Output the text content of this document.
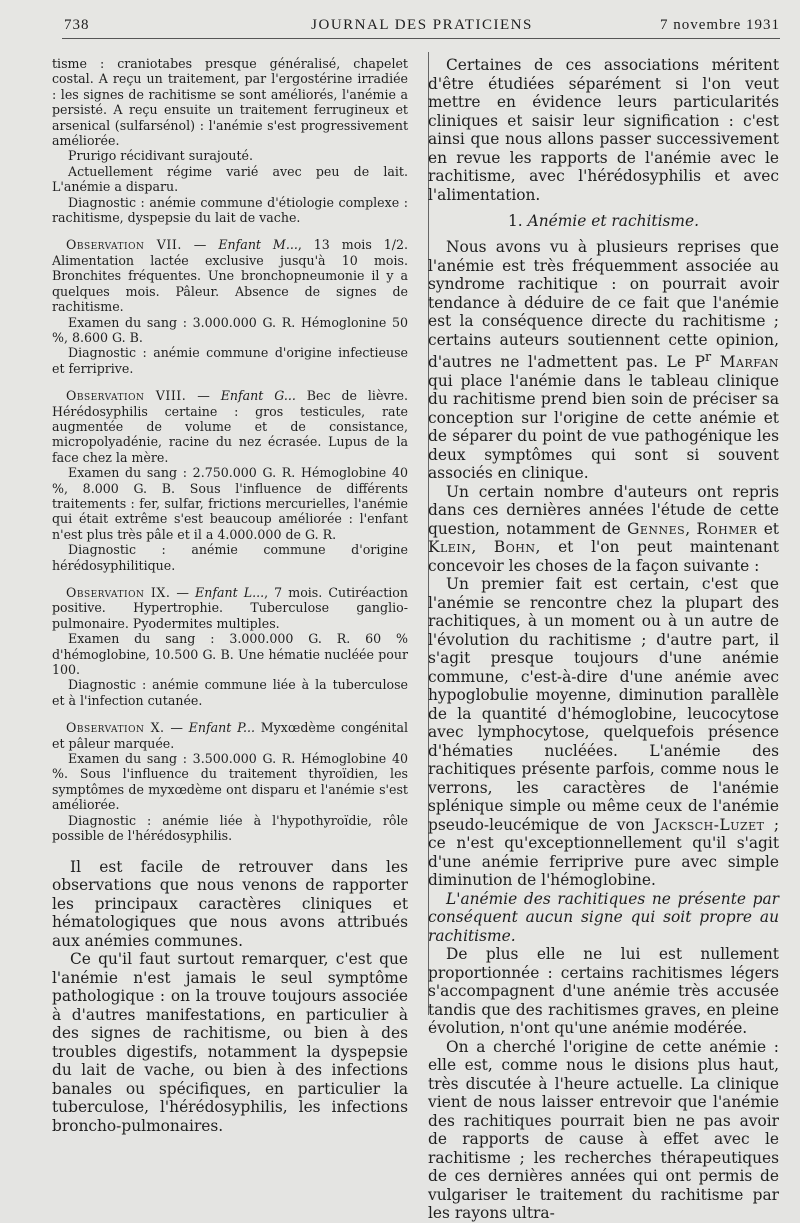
738	JOURNAL DES PRATICIENS	7 novembre 1931

tisme : craniotabes presque généralisé, chapelet costal. A reçu un traitement, par l'ergostérine irradiée : les signes de rachitisme se sont améliorés, l'anémie a persisté. A reçu ensuite un traitement ferrugineux et arsenical (sulfarsénol) : l'anémie s'est progressivement améliorée.

Prurigo récidivant surajouté.

Actuellement régime varié avec peu de lait. L'anémie a disparu.

Diagnostic : anémie commune d'étiologie complexe : rachitisme, dyspepsie du lait de vache.

Observation VII. — Enfant M..., 13 mois 1/2. Alimentation lactée exclusive jusqu'à 10 mois. Bronchites fréquentes. Une bronchopneumonie il y a quelques mois. Pâleur. Absence de signes de rachitisme.

Examen du sang : 3.000.000 G. R. Hémoglonine 50 %, 8.600 G. B.

Diagnostic : anémie commune d'origine infectieuse et ferriprive.

Observation VIII. — Enfant G... Bec de lièvre. Hérédosyphilis certaine : gros testicules, rate augmentée de volume et de consistance, micropolyadénie, racine du nez écrasée. Lupus de la face chez la mère.

Examen du sang : 2.750.000 G. R. Hémoglobine 40 %, 8.000 G. B. Sous l'influence de différents traitements : fer, sulfar, frictions mercurielles, l'anémie qui était extrême s'est beaucoup améliorée : l'enfant n'est plus très pâle et il a 4.000.000 de G. R.

Diagnostic : anémie commune d'origine hérédosyphilitique.

Observation IX. — Enfant L..., 7 mois. Cutiréaction positive. Hypertrophie. Tuberculose ganglio-pulmonaire. Pyodermites multiples.

Examen du sang : 3.000.000 G. R. 60 % d'hémoglobine, 10.500 G. B. Une hématie nucléée pour 100.

Diagnostic : anémie commune liée à la tuberculose et à l'infection cutanée.

Observation X. — Enfant P... Myxœdème congénital et pâleur marquée.

Examen du sang : 3.500.000 G. R. Hémoglobine 40 %. Sous l'influence du traitement thyroïdien, les symptômes de myxœdème ont disparu et l'anémie s'est améliorée.

Diagnostic : anémie liée à l'hypothyroïdie, rôle possible de l'hérédosyphilis.

Il est facile de retrouver dans les observations que nous venons de rapporter les principaux caractères cliniques et hématologiques que nous avons attribués aux anémies communes.

Ce qu'il faut surtout remarquer, c'est que l'anémie n'est jamais le seul symptôme pathologique : on la trouve toujours associée à d'autres manifestations, en particulier à des signes de rachitisme, ou bien à des troubles digestifs, notamment la dyspepsie du lait de vache, ou bien à des infections banales ou spécifiques, en particulier la tuberculose, l'hérédosyphilis, les infections broncho-pulmonaires.

Certaines de ces associations méritent d'être étudiées séparément si l'on veut mettre en évidence leurs particularités cliniques et saisir leur signification : c'est ainsi que nous allons passer successivement en revue les rapports de l'anémie avec le rachitisme, avec l'hérédosyphilis et avec l'alimentation.

1. Anémie et rachitisme.

Nous avons vu à plusieurs reprises que l'anémie est très fréquemment associée au syndrome rachitique : on pourrait avoir tendance à déduire de ce fait que l'anémie est la conséquence directe du rachitisme ; certains auteurs soutiennent cette opinion, d'autres ne l'admettent pas. Le $P^r$ Marfan qui place l'anémie dans le tableau clinique du rachitisme prend bien soin de préciser sa conception sur l'origine de cette anémie et de séparer du point de vue pathogénique les deux symptômes qui sont si souvent associés en clinique.

Un certain nombre d'auteurs ont repris dans ces dernières années l'étude de cette question, notamment de Gennes, Rohmer et Klein, Bohn, et l'on peut maintenant concevoir les choses de la façon suivante :

Un premier fait est certain, c'est que l'anémie se rencontre chez la plupart des rachitiques, à un moment ou à un autre de l'évolution du rachitisme ; d'autre part, il s'agit presque toujours d'une anémie commune, c'est-à-dire d'une anémie avec hypoglobulie moyenne, diminution parallèle de la quantité d'hémoglobine, leucocytose avec lymphocytose, quelquefois présence d'hématies nucléées. L'anémie des rachitiques présente parfois, comme nous le verrons, les caractères de l'anémie splénique simple ou même ceux de l'anémie pseudo-leucémique de von Jacksch-Luzet ; ce n'est qu'exceptionnellement qu'il s'agit d'une anémie ferriprive pure avec simple diminution de l'hémoglobine.

L'anémie des rachitiques ne présente par conséquent aucun signe qui soit propre au rachitisme.

De plus elle ne lui est nullement proportionnée : certains rachitismes légers s'accompagnent d'une anémie très accusée tandis que des rachitismes graves, en pleine évolution, n'ont qu'une anémie modérée.

On a cherché l'origine de cette anémie : elle est, comme nous le disions plus haut, très discutée à l'heure actuelle. La clinique vient de nous laisser entrevoir que l'anémie des rachitiques pourrait bien ne pas avoir de rapports de cause à effet avec le rachitisme ; les recherches thérapeutiques de ces dernières années qui ont permis de vulgariser le traitement du rachitisme par les rayons ultra-
